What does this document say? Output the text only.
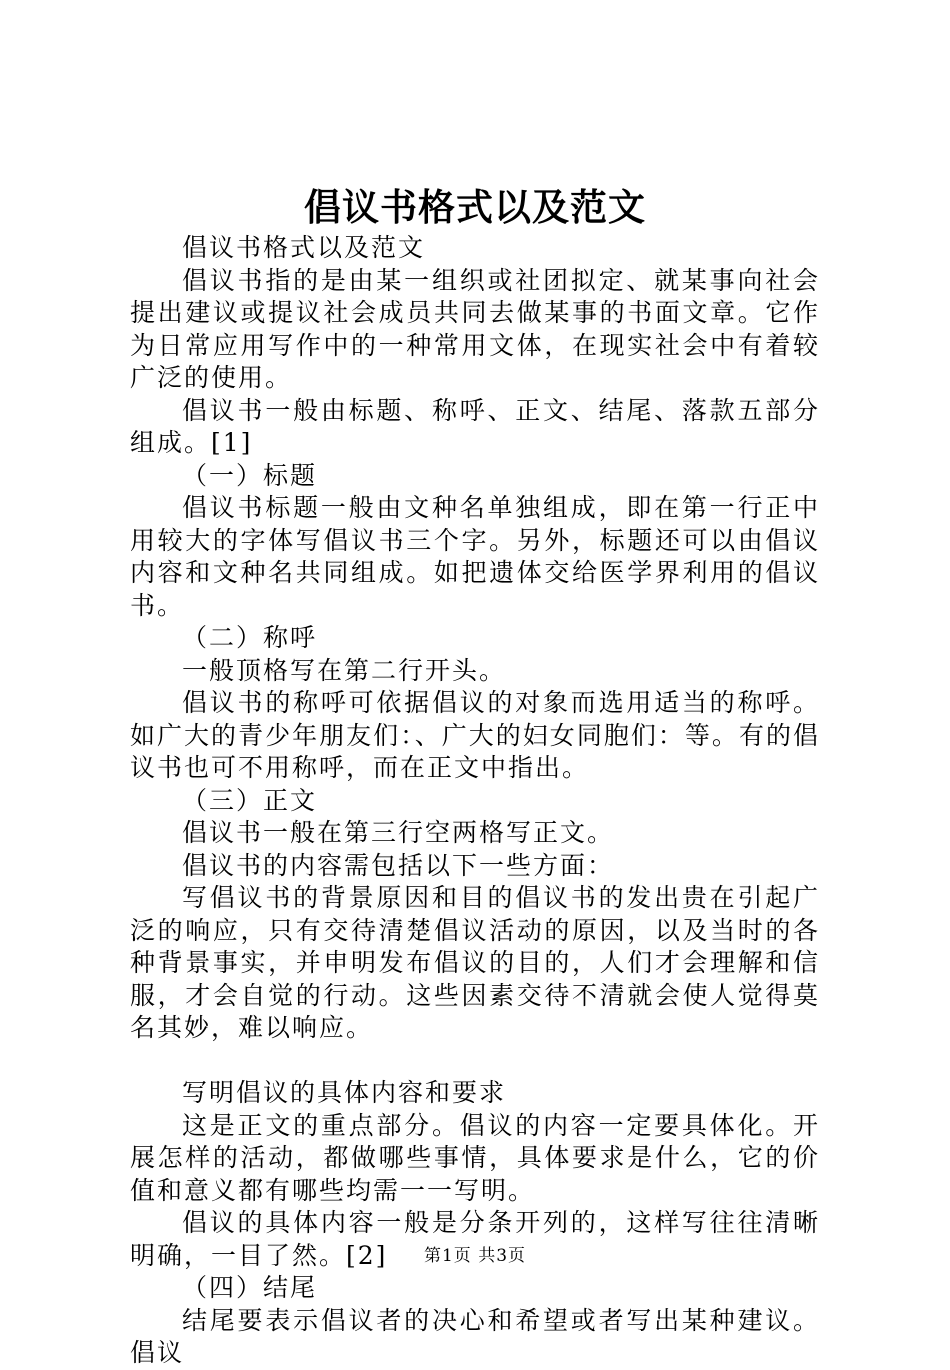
倡议书格式以及范文

倡议书格式以及范文

倡议书指的是由某一组织或社团拟定、就某事向社会提出建议或提议社会成员共同去做某事的书面文章。它作为日常应用写作中的一种常用文体，在现实社会中有着较广泛的使用。

倡议书一般由标题、称呼、正文、结尾、落款五部分组成。[1]

（一）标题

倡议书标题一般由文种名单独组成，即在第一行正中用较大的字体写倡议书三个字。另外，标题还可以由倡议内容和文种名共同组成。如把遗体交给医学界利用的倡议书。

（二）称呼

一般顶格写在第二行开头。

倡议书的称呼可依据倡议的对象而选用适当的称呼。如广大的青少年朋友们：、广大的妇女同胞们：等。有的倡议书也可不用称呼，而在正文中指出。

（三）正文

倡议书一般在第三行空两格写正文。

倡议书的内容需包括以下一些方面：

写倡议书的背景原因和目的倡议书的发出贵在引起广泛的响应，只有交待清楚倡议活动的原因，以及当时的各种背景事实，并申明发布倡议的目的，人们才会理解和信服，才会自觉的行动。这些因素交待不清就会使人觉得莫名其妙，难以响应。

写明倡议的具体内容和要求

这是正文的重点部分。倡议的内容一定要具体化。开展怎样的活动，都做哪些事情，具体要求是什么，它的价值和意义都有哪些均需一一写明。

倡议的具体内容一般是分条开列的，这样写往往清晰明确，一目了然。[2]

（四）结尾

结尾要表示倡议者的决心和希望或者写出某种建议。倡议

第1页 共3页
